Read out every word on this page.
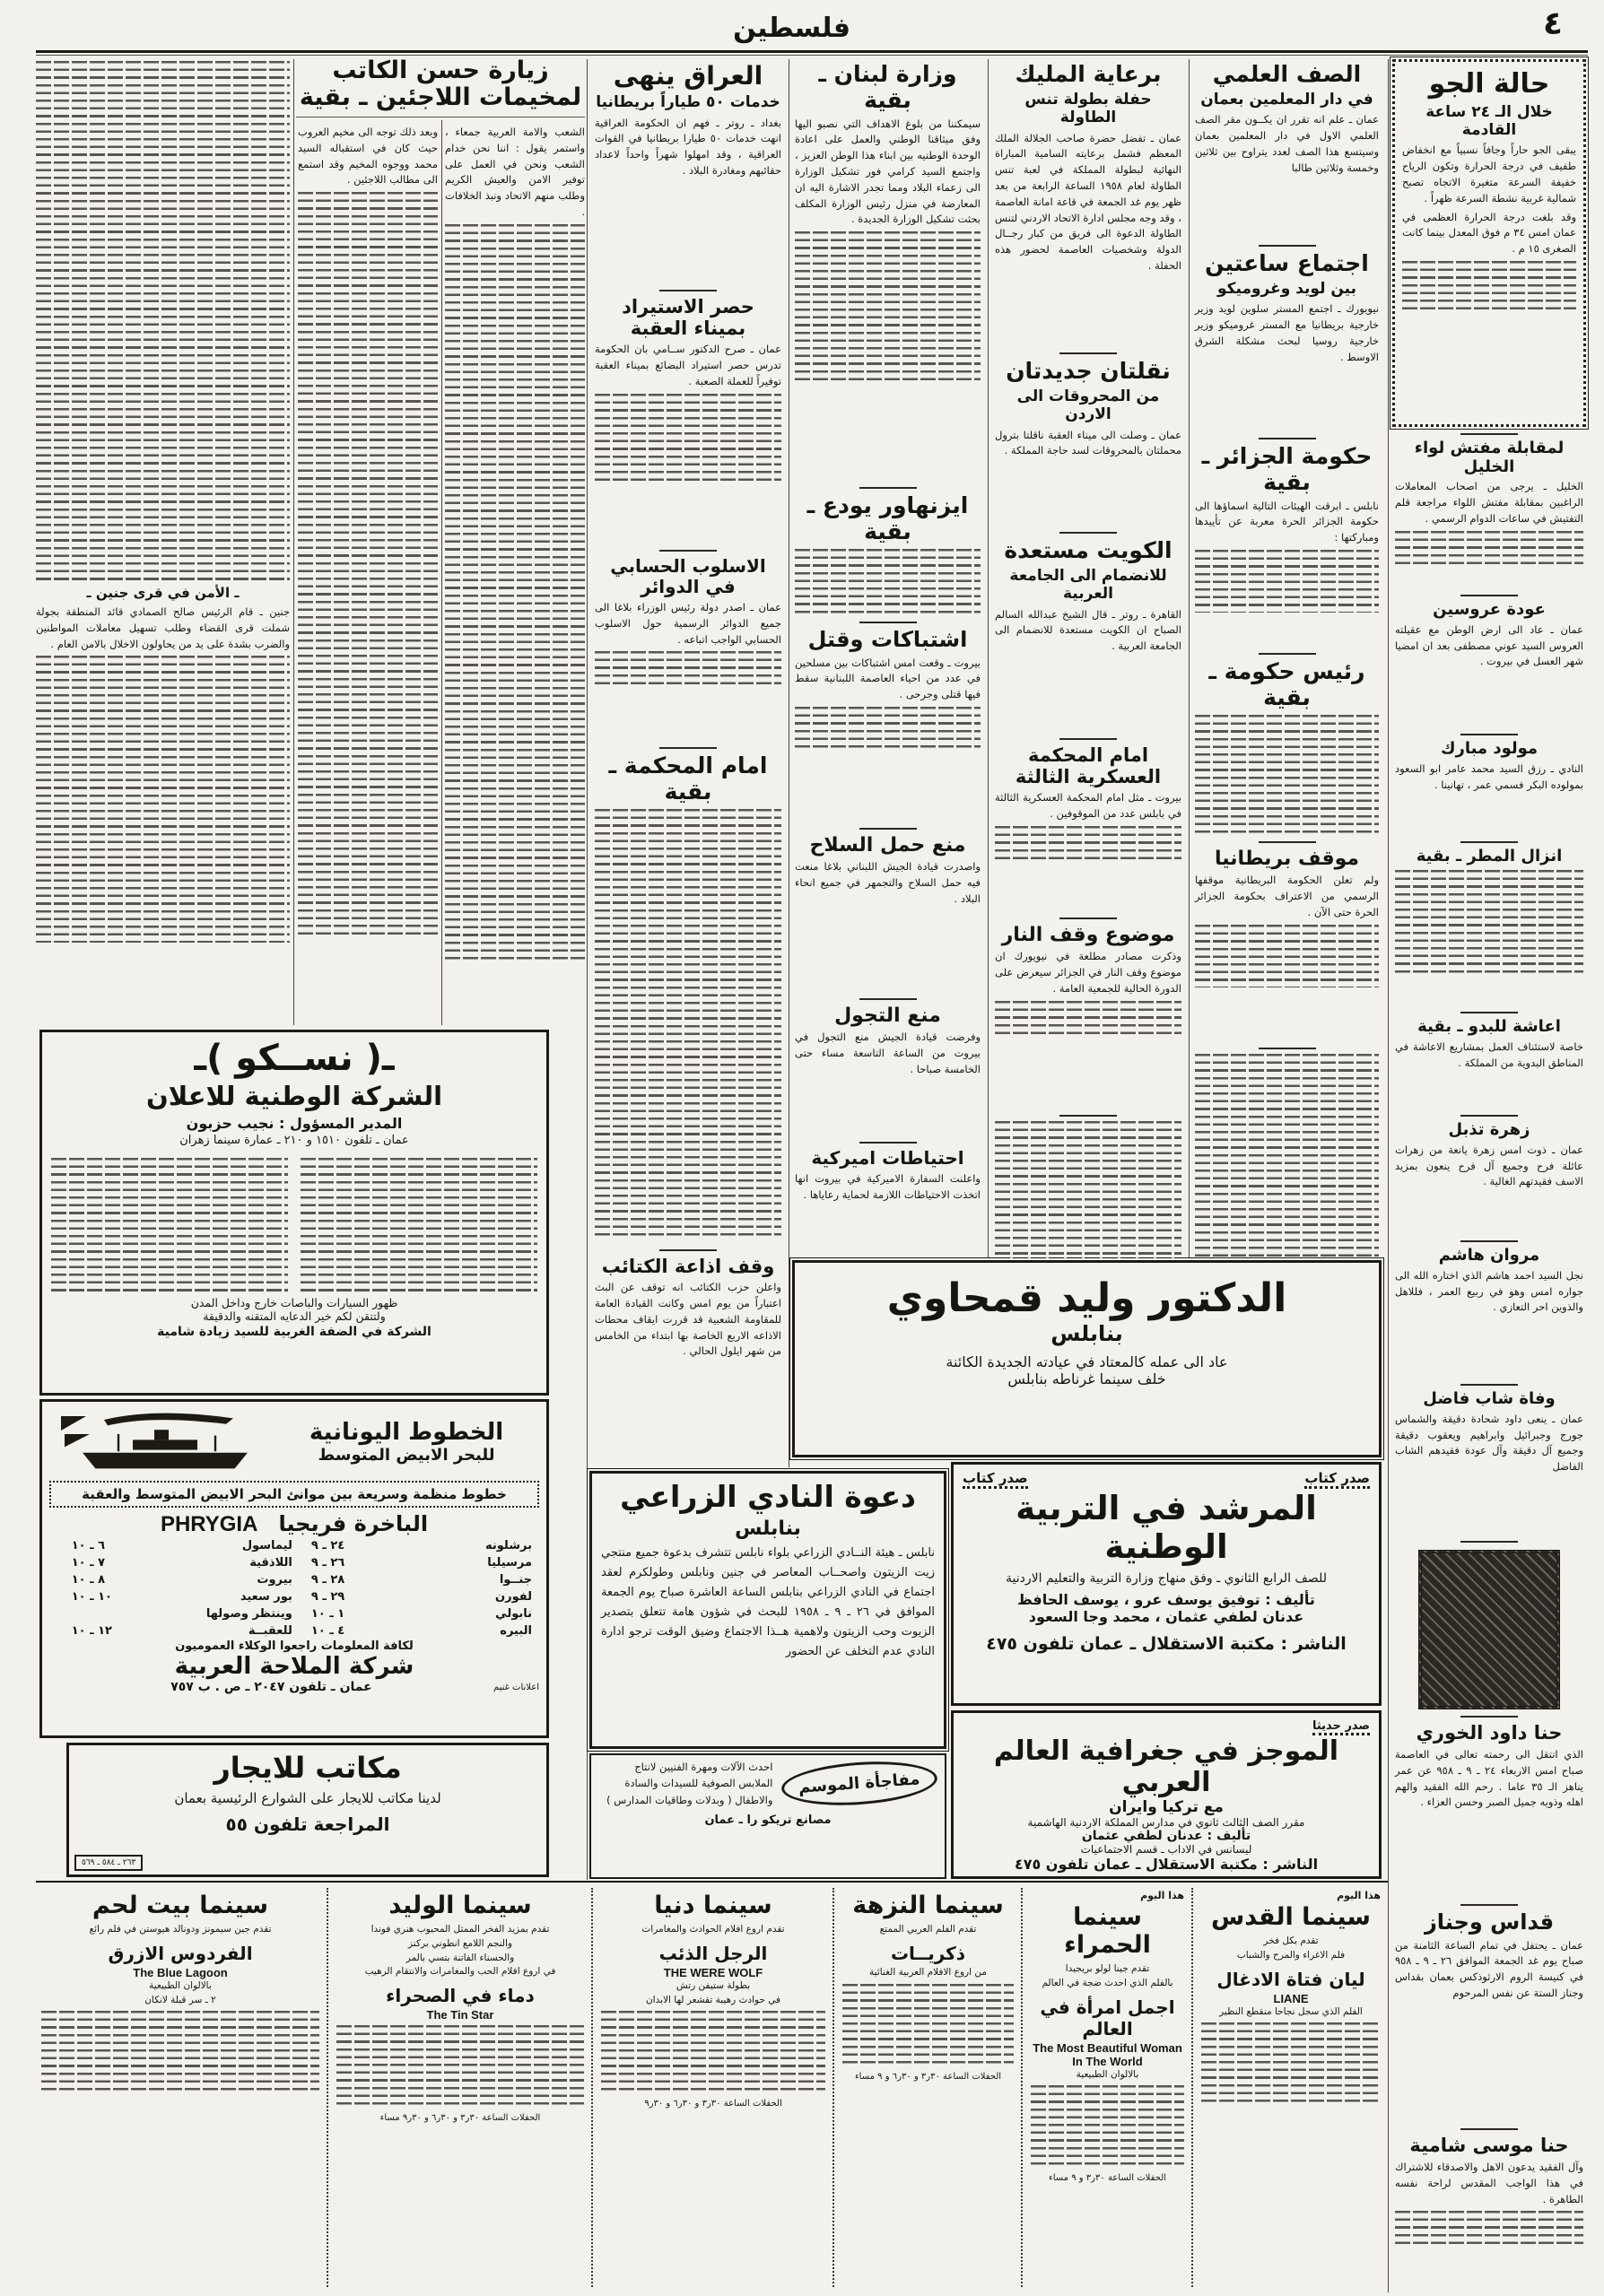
٤
فلسطين
زيارة حسن الكاتب لمخيمات اللاجئين ـ بقية

الشعب والامة العربية جمعاء ، واستمر يقول : اننا نحن خدام الشعب ونحن في العمل على توفير الامن والعيش الكريم وطلب منهم الاتحاد ونبذ الخلافات .

وبعد ذلك توجه الى مخيم العروب حيث كان في استقباله السيد محمد ووجوه المخيم وقد استمع الى مطالب اللاجئين .

ـ الأمن في قرى جنين ـ

جنين ـ قام الرئيس صالح الصمادي قائد المنطقة بجولة شملت قرى القضاء وطلب تسهيل معاملات المواطنين والضرب بشدة على يد من يحاولون الاخلال بالامن العام .

ـ( نســكو )ـ
الشركة الوطنية للاعلان
المدير المسؤول : نجيب حزبون
عمان ـ تلفون ١٥١٠ و ٢١٠ ـ عمارة سينما زهران
ظهور السيارات والباصات خارج وداخل المدن
ولتتقن لكم خير الدعايه المتقنه والدقيقة
الشركة في الضفة الغربية للسيد زيادة شامية
الخطوط اليونانية
للبحر الابيض المتوسط
خطوط منظمة وسريعة بين موانئ البحر الابيض المتوسط والعقبة
الباخرة فريجيا PHRYGIA
برشلونه
٢٤ ـ ٩
مرسيليا
٢٦ ـ ٩
جنــوا
٢٨ ـ ٩
لفورن
٢٩ ـ ٩
نابولي
١ ـ ١٠
البيره
٤ ـ ١٠

ليماسول
٦ ـ ١٠
اللاذقية
٧ ـ ١٠
بيروت
٨ ـ ١٠
بور سعيد
١٠ ـ ١٠
وينتظر وصولها
للعقبــة
١٢ ـ ١٠
لكافة المعلومات راجعوا الوكلاء العموميون
شركة الملاحة العربية
اعلانات غنيم
عمان ـ تلفون ٢٠٤٧ ـ ص . ب ٧٥٧
مكاتب للايجار
لدينا مكاتب للايجار على الشوارع الرئيسية بعمان
المراجعة تلفون ٥٥
٢٦٣ ـ ٥٨٤ ـ ٥٦٩
دعوة النادي الزراعي
بنابلس

نابلس ـ هيئة النــادي الزراعي بلواء نابلس تتشرف بدعوة جميع منتجي زيت الزيتون واصحــاب المعاصر في جنين ونابلس وطولكرم لعقد اجتماع في النادي الزراعي بنابلس الساعة العاشرة صباح يوم الجمعة الموافق في ٢٦ ـ ٩ ـ ١٩٥٨ للبحث في شؤون هامة تتعلق بتصدير الزيوت وحب الزيتون ولاهمية هــذا الاجتماع وضيق الوقت ترجو ادارة النادي عدم التخلف عن الحضور

مفاجأة الموسم
احدث الآلات ومهرة الفنيين لانتاج
الملابس الصوفية للسيدات والسادة
والاطفال ( وبدلات وطاقيات المدارس )
مصانع تريكو را ـ عمان
الدكتور وليد قمحاوي
بنابلس
عاد الى عمله كالمعتاد في عيادته الجديدة الكائنة
خلف سينما غرناطه بنابلس
صدر كتاب
صدر كتاب
المرشد في التربية الوطنية
للصف الرابع الثانوي ـ وفق منهاج وزارة التربية والتعليم الاردنية
تأليف : توفيق يوسف عرو ، يوسف الحافظ
عدنان لطفي عثمان ، محمد وجا السعود
الناشر : مكتبة الاستقلال ـ عمان تلفون ٤٧٥
صدر حديثا
الموجز في جغرافية العالم العربي
مع تركيا وايران
مقرر الصف الثالث ثانوي في مدارس المملكة الاردنية الهاشمية
تأليف : عدنان لطفي عثمان
ليسانس في الاداب ـ قسم الاجتماعيات
الناشر : مكتبة الاستقلال ـ عمان تلفون ٤٧٥
حالة الجو
خلال الـ ٢٤ ساعة القادمة

يبقى الجو حاراً وجافاً نسبياً مع انخفاض طفيف في درجة الحرارة وتكون الرياح خفيفة السرعة متغيرة الاتجاه تصبح شمالية غربية نشطة السرعة ظهراً .

وقد بلغت درجة الحرارة العظمى في عمان امس ٣٤ م فوق المعدل بينما كانت الصغرى ١٥ م .

لمقابلة مفتش لواء الخليل

الخليل ـ يرجى من اصحاب المعاملات الراغبين بمقابلة مفتش اللواء مراجعة قلم التفتيش في ساعات الدوام الرسمي .

عودة عروسين

عمان ـ عاد الى ارض الوطن مع عقيلته العروس السيد عوني مصطفى بعد ان امضيا شهر العسل في بيروت .

مولود مبارك

النادي ـ رزق السيد محمد عامر ابو السعود بمولوده البكر فسمي عمر ، تهانينا .

انزال المطر ـ بقية
اعاشة للبدو ـ بقية

خاصة لاستئناف العمل بمشاريع الاعاشة في المناطق البدوية من المملكة .

زهرة تذبل

عمان ـ ذوت امس زهرة يانعة من زهرات عائلة فرح وجميع آل فرح ينعون بمزيد الاسف فقيدتهم الغالية .

مروان هاشم

نجل السيد احمد هاشم الذي اختاره الله الى جواره امس وهو في ربيع العمر ، فللاهل والذوين احر التعازي .

وفاة شاب فاضل

عمان ـ ينعى داود شحادة دقيقة والشماس جورج وجبرائيل وابراهيم ويعقوب دقيقة وجميع آل دقيقة وآل عودة فقيدهم الشاب الفاضل

حنا داود الخوري

الذي انتقل الى رحمته تعالى في العاصمة صباح امس الاربعاء ٢٤ ـ ٩ ـ ٩٥٨ عن عمر يناهز الـ ٣٥ عاما . رحم الله الفقيد والهم اهله وذويه جميل الصبر وحسن العزاء .

قداس وجناز

عمان ـ يحتفل في تمام الساعة الثامنة من صباح يوم غد الجمعة الموافق ٢٦ ـ ٩ ـ ٩٥٨ في كنيسة الروم الارثوذكس بعمان بقداس وجناز الستة عن نفس المرحوم

حنا موسى شامية

وآل الفقيد يدعون الاهل والاصدقاء للاشتراك في هذا الواجب المقدس لراحة نفسه الطاهرة .

الصف العلمي
في دار المعلمين بعمان

عمان ـ علم انه تقرر ان يكــون مقر الصف العلمي الاول في دار المعلمين بعمان وسيتسع هذا الصف لعدد يتراوح بين ثلاثين وخمسة وثلاثين طالبا

اجتماع ساعتين
بين لويد وغروميكو

نيويورك ـ اجتمع المستر سلوين لويد وزير خارجية بريطانيا مع المستر غروميكو وزير خارجية روسيا لبحث مشكلة الشرق الاوسط .

حكومة الجزائر ـ بقية

نابلس ـ ابرقت الهيئات التالية اسماؤها الى حكومة الجزائر الحرة معربة عن تأييدها ومباركتها :

رئيس حكومة ـ بقية
موقف بريطانيا

ولم تعلن الحكومة البريطانية موقفها الرسمي من الاعتراف بحكومة الجزائر الحرة حتى الآن .

برعاية المليك
حفلة بطولة تنس الطاولة

عمان ـ تفضل حضرة صاحب الجلالة الملك المعظم فشمل برعايته السامية المباراة النهائية لبطولة المملكة في لعبة تنس الطاولة لعام ١٩٥٨ الساعة الرابعة من بعد ظهر يوم غد الجمعة في قاعة امانة العاصمة ، وقد وجه مجلس ادارة الاتحاد الاردني لتنس الطاولة الدعوة الى فريق من كبار رجــال الدولة وشخصيات العاصمة لحضور هذه الحفلة .

نقلتان جديدتان
من المحروقات الى الاردن

عمان ـ وصلت الى ميناء العقبة ناقلتا بترول محملتان بالمحروقات لسد حاجة المملكة .

الكويت مستعدة
للانضمام الى الجامعة العربية

القاهرة ـ روتر ـ قال الشيخ عبدالله السالم الصباح ان الكويت مستعدة للانضمام الى الجامعة العربية .

امام المحكمة العسكرية الثالثة

بيروت ـ مثل امام المحكمة العسكرية الثالثة في بابلس عدد من الموقوفين .

موضوع وقف النار

وذكرت مصادر مطلعة في نيويورك ان موضوع وقف النار في الجزائر سيعرض على الدورة الحالية للجمعية العامة .

وزارة لبنان ـ بقية

سيمكننا من بلوغ الاهداف التي نصبو اليها وفق ميثاقنا الوطني والعمل على اعادة الوحدة الوطنيه بين ابناء هذا الوطن العزيز ، واجتمع السيد كرامي فور تشكيل الوزارة الى زعماء البلاد ومما تجدر الاشارة اليه ان المعارضة في منزل رئيس الوزارة المكلف بحثت تشكيل الوزارة الجديدة .

ايزنهاور يودع ـ بقية
اشتباكات وقتل

بيروت ـ وقعت امس اشتباكات بين مسلحين في عدد من احياء العاصمة اللبنانية سقط فيها قتلى وجرحى .

منع حمل السلاح

واصدرت قيادة الجيش اللبناني بلاغا منعت فيه حمل السلاح والتجمهر في جميع انحاء البلاد .

منع التجول

وفرضت قيادة الجيش منع التجول في بيروت من الساعة التاسعة مساء حتى الخامسة صباحا .

احتياطات اميركية

واعلنت السفارة الاميركية في بيروت انها اتخذت الاحتياطات اللازمة لحماية رعاياها .

العراق ينهى
خدمات ٥٠ طياراً بريطانيا

بغداد ـ روتر ـ فهم ان الحكومة العراقية انهت خدمات ٥٠ طيارا بريطانيا في القوات العراقية ، وقد امهلوا شهراً واحداً لاعداد حقائبهم ومغادرة البلاد .

حصر الاستيراد بميناء العقبة

عمان ـ صرح الدكتور ســامي بان الحكومة تدرس حصر استيراد البضائع بميناء العقبة توفيراً للعملة الصعبة .

الاسلوب الحسابي في الدوائر

عمان ـ اصدر دولة رئيس الوزراء بلاغا الى جميع الدوائر الرسمية حول الاسلوب الحسابي الواجب اتباعه .

امام المحكمة ـ بقية
وقف اذاعة الكتائب

واعلن حزب الكتائب انه توقف عن البث اعتباراً من يوم امس وكانت القيادة العامة للمقاومة الشعبية قد قررت ايقاف محطات الاذاعه الاربع الخاصة بها ابتداء من الخامس من شهر ايلول الحالي .

هذا اليوم
سينما القدس
تقدم بكل فخر
فلم الاغراء والمرح والشباب
ليان فتاة الادغال
LIANE
الفلم الذي سجل نجاحا منقطع النظير
هذا اليوم
سينما الحمراء
تقدم جينا لولو بريجيدا
بالفلم الذي احدث ضجة في العالم
اجمل امرأة في العالم
The Most Beautiful Woman In The World
بالالوان الطبيعية
الحفلات الساعة ٣٠ر٣ و ٩ مساء
سينما النزهة
تقدم الفلم العربي الممتع
ذكريــات
من اروع الافلام العربية الغنائية
الحفلات الساعة ٣٠ر٣ و ٣٠ر٦ و ٩ مساء
سينما دنيا
تقدم اروع افلام الحوادث والمغامرات
الرجل الذئب
THE WERE WOLF
بطولة ستيفن رتش
في حوادث رهيبة تقشعر لها الابدان
الحفلات الساعة ٣٠ر٣ و ٣٠ر٦ و ٣٠ر٩
سينما الوليد
تقدم بمزيد الفخر الممثل المحبوب هنري فوندا
والنجم اللامع انطوني بركنز
والحسناء الفاتنة بتسي بالمر
في اروع افلام الحب والمغامرات والانتقام الرهيب
دماء في الصحراء
The Tin Star
الحفلات الساعة ٣٠ر٣ و ٣٠ر٦ و ٣٠ر٩ مساء
سينما بيت لحم
تقدم جين سيمونز ودونالد هيوستن في فلم رائع
الفردوس الازرق
The Blue Lagoon
بالالوان الطبيعية
٢ ـ سر قبلة لانكان
